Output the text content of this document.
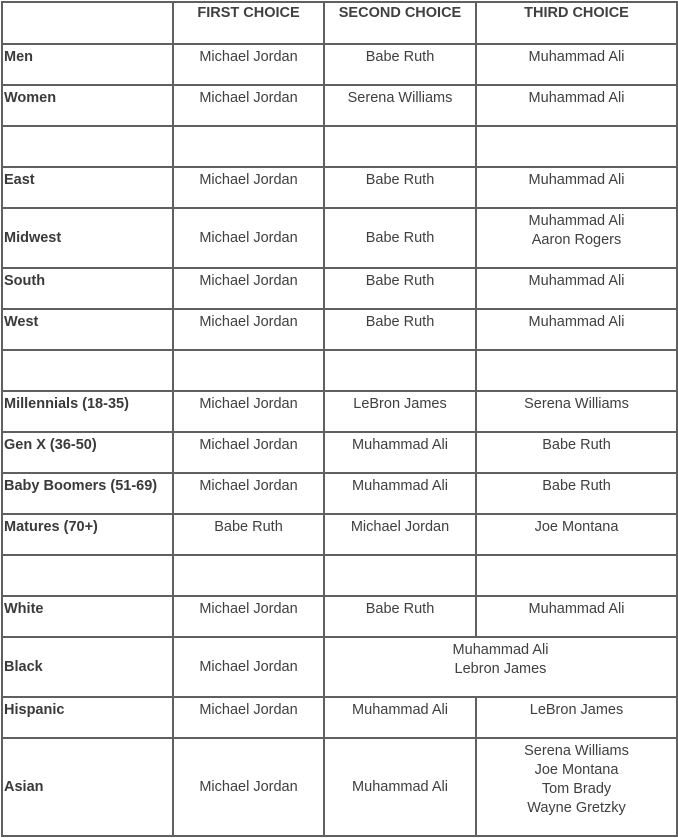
	FIRST CHOICE	SECOND CHOICE	THIRD CHOICE
Men	Michael Jordan	Babe Ruth	Muhammad Ali

Women	Michael Jordan	Serena Williams	Muhammad Ali

East	Michael Jordan	Babe Ruth	Muhammad Ali

Midwest	Michael Jordan	Babe Ruth	Muhammad Ali
Aaron Rogers

South	Michael Jordan	Babe Ruth	Muhammad Ali

West	Michael Jordan	Babe Ruth	Muhammad Ali

Millennials (18-35)	Michael Jordan	LeBron James	Serena Williams

Gen X (36-50)	Michael Jordan	Muhammad Ali	Babe Ruth

Baby Boomers (51-69)	Michael Jordan	Muhammad Ali	Babe Ruth

Matures (70+)	Babe Ruth	Michael Jordan	Joe Montana

White	Michael Jordan	Babe Ruth	Muhammad Ali

Black	Michael Jordan	Muhammad Ali
Lebron James	

Hispanic	Michael Jordan	Muhammad Ali	LeBron James

Asian	Michael Jordan	Muhammad Ali	Serena Williams
Joe Montana
Tom Brady
Wayne Gretzky
